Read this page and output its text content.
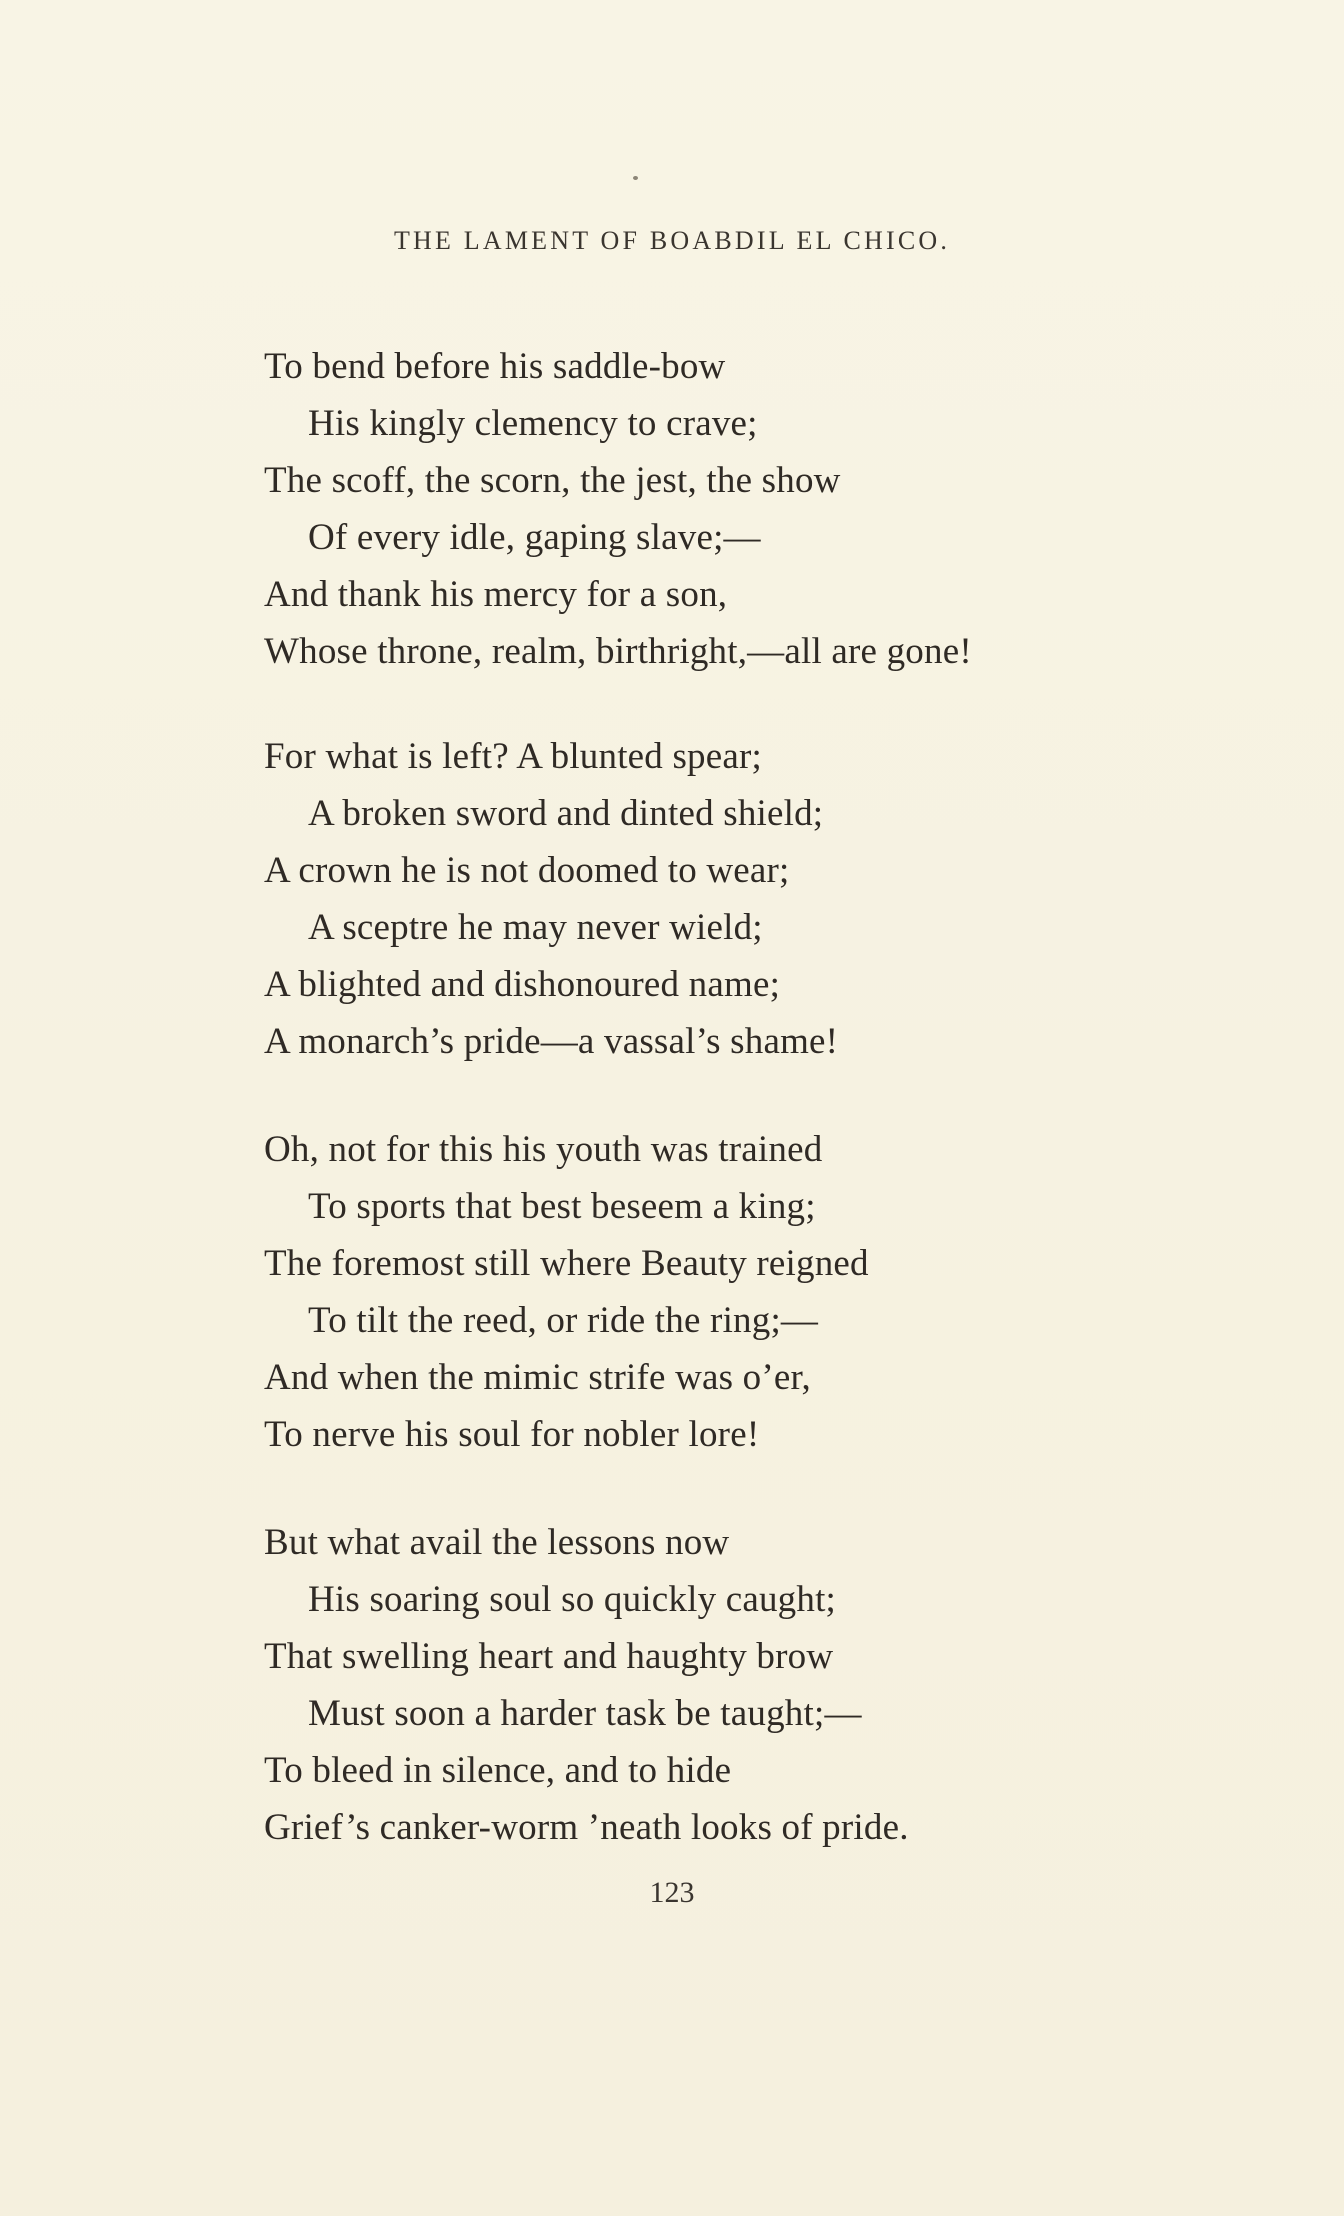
THE LAMENT OF BOABDIL EL CHICO.
To bend before his saddle-bow
His kingly clemency to crave;
The scoff, the scorn, the jest, the show
Of every idle, gaping slave;—
And thank his mercy for a son,
Whose throne, realm, birthright,—all are gone!
For what is left? A blunted spear;
A broken sword and dinted shield;
A crown he is not doomed to wear;
A sceptre he may never wield;
A blighted and dishonoured name;
A monarch’s pride—a vassal’s shame!
Oh, not for this his youth was trained
To sports that best beseem a king;
The foremost still where Beauty reigned
To tilt the reed, or ride the ring;—
And when the mimic strife was o’er,
To nerve his soul for nobler lore!
But what avail the lessons now
His soaring soul so quickly caught;
That swelling heart and haughty brow
Must soon a harder task be taught;—
To bleed in silence, and to hide
Grief’s canker-worm ’neath looks of pride.
123
